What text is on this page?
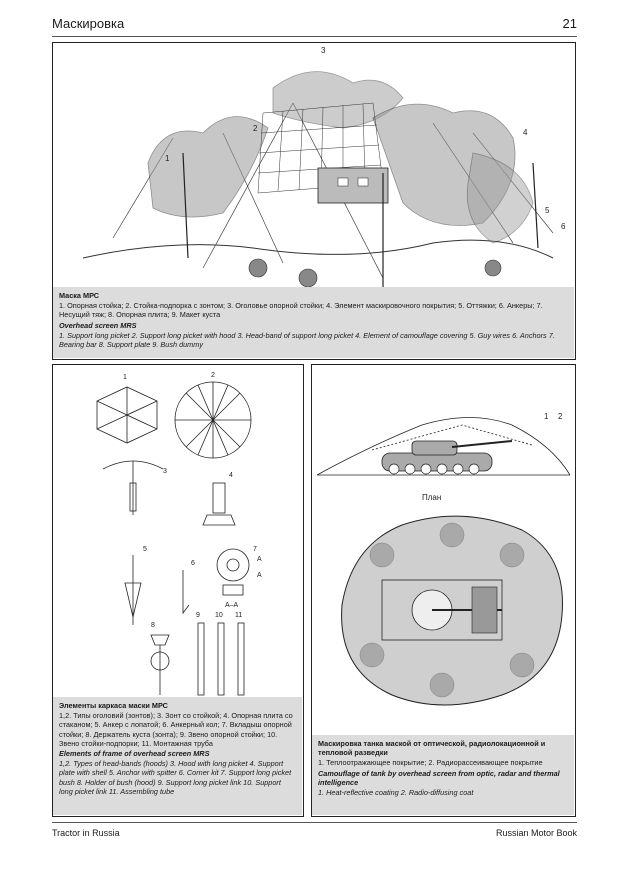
Маскировка	21
1
2
3
4
5
6

Маска МРС

1. Опорная стойка; 2. Стойка-подпорка с зонтом; 3. Оголовье опорной стойки; 4. Элемент маскировочного покрытия; 5. Оттяжки; 6. Анкеры; 7. Несущий тяж; 8. Опорная плита; 9. Макет куста

Overhead screen MRS

1. Support long picket 2. Support long picket with hood 3. Head-band of support long picket 4. Element of camouflage covering 5. Guy wires 6. Anchors 7. Bearing bar 8. Support plate 9. Bush dummy

1	2
3
4
5
6
7
8
9 10 11
A
A
A–A

Элементы каркаса маски МРС

1,2. Типы оголовий (зонтов); 3. Зонт со стойкой; 4. Опорная плита со стаканом; 5. Анкер с лопатой; 6. Анкерный кол; 7. Вкладыш опорной стойки; 8. Держатель куста (зонта); 9. Звено опорной стойки; 10. Звено стойки-подпорки; 11. Монтажная труба

Elements of frame of overhead screen MRS

1,2. Types of head-bands (hoods) 3. Hood with long picket 4. Support plate with shell 5. Anchor with spitter 6. Corner kit 7. Support long picket bush 8. Holder of bush (hood) 9. Support long picket link 10. Support long picket link 11. Assembling tube

1 2
План

Маскировка танка маской от оптической, радиолокационной и тепловой разведки

1. Теплоотражающее покрытие; 2. Радиорассеивающее покрытие

Camouflage of tank by overhead screen from optic, radar and thermal intelligence

1. Heat-reflective coating 2. Radio-diffusing coat

Tractor in Russia	Russian Motor Book
